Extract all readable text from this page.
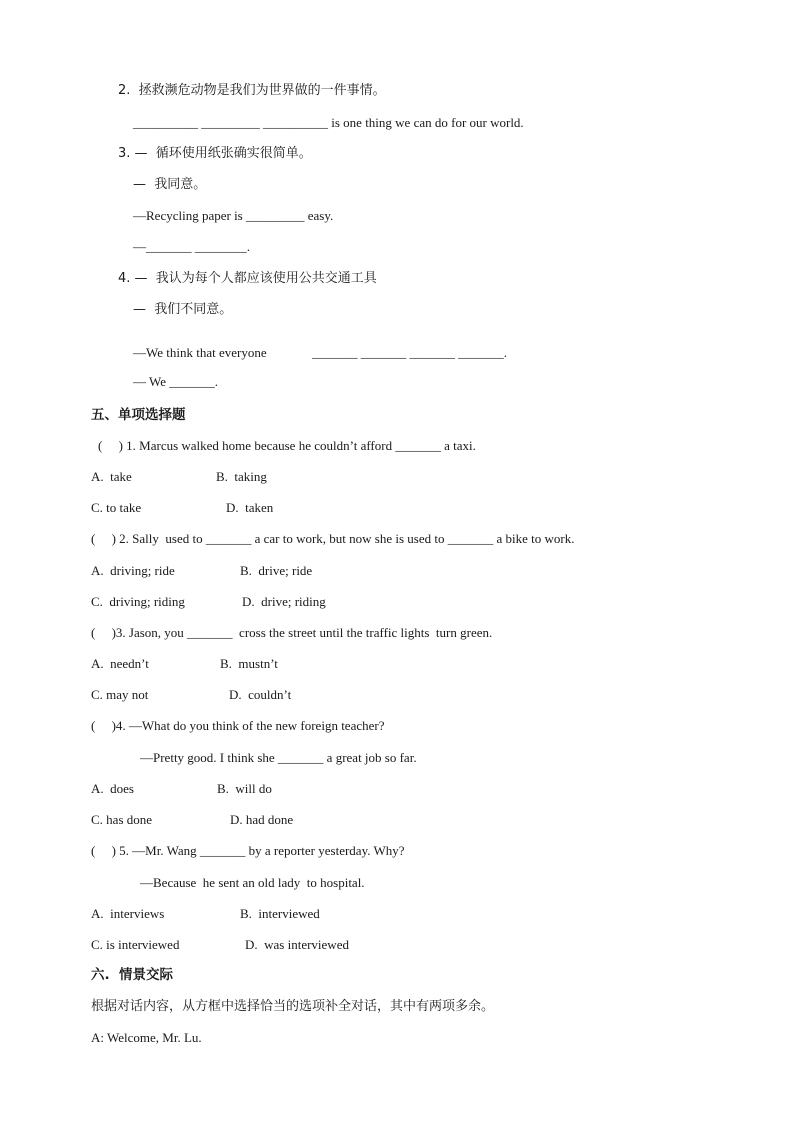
2.  拯救濒危动物是我们为世界做的一件事情。
__________ _________ __________ is one thing we can do for our world.
3. —  循环使用纸张确实很简单。
—  我同意。
—Recycling paper is _________ easy.
—_______ ________.
4. —  我认为每个人都应该使用公共交通工具
—  我们不同意。
—We think that everyone	_______ _______ _______ _______.
— We _______.
五、单项选择题
(     ) 1. Marcus walked home because he couldn’t afford _______ a taxi.
A.  take	B.  taking
C. to take	D.  taken
(     ) 2. Sally  used to _______ a car to work, but now she is used to _______ a bike to work.
A.  driving; ride	B.  drive; ride
C.  driving; riding	D.  drive; riding
(     )3. Jason, you _______  cross the street until the traffic lights  turn green.
A.  needn’t	B.  mustn’t
C. may not	D.  couldn’t
(     )4. —What do you think of the new foreign teacher?
—Pretty good. I think she _______ a great job so far.
A.  does	B.  will do
C. has done	D. had done
(     ) 5. —Mr. Wang _______ by a reporter yesterday. Why?
—Because  he sent an old lady  to hospital.
A.  interviews	B.  interviewed
C. is interviewed	D.  was interviewed
六.  情景交际
根据对话内容，从方框中选择恰当的选项补全对话，其中有两项多余。
A: Welcome, Mr. Lu.
